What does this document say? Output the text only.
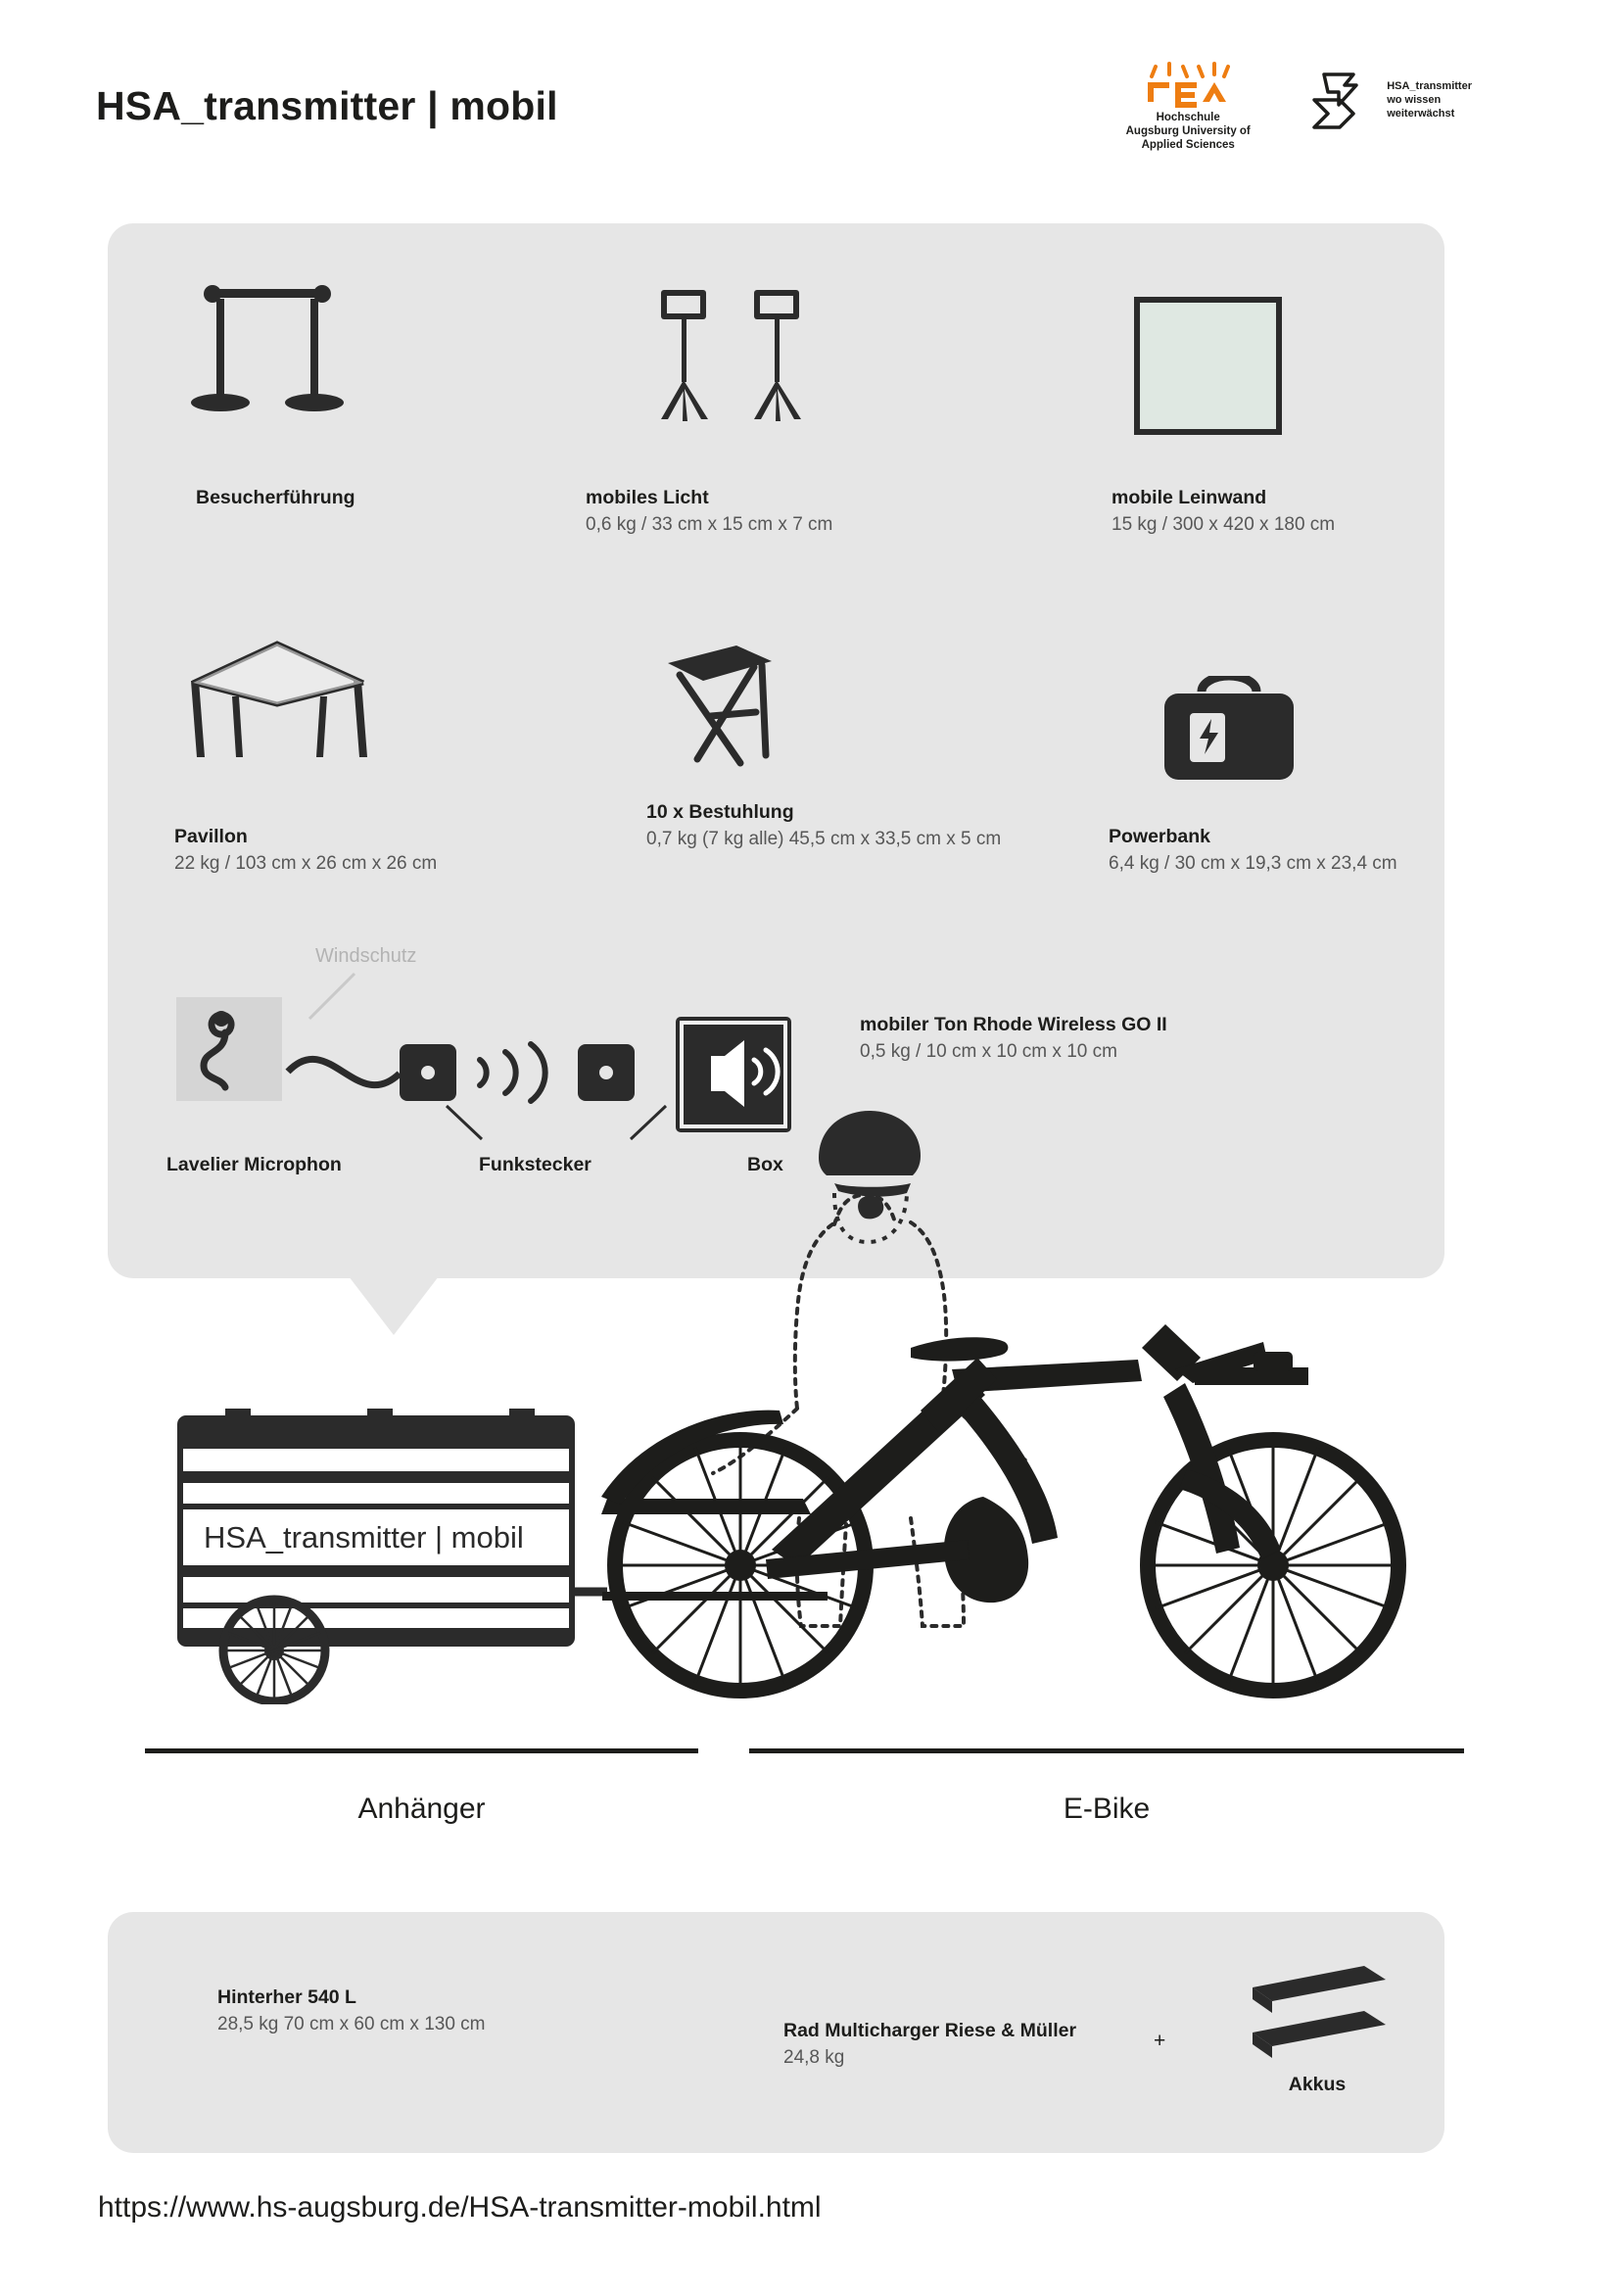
HSA_transmitter | mobil	Hochschule
Augsburg University of
Applied Sciences
HSA_transmitter
wo wissen
weiterwächst
Besucherführung	mobiles Licht
0,6 kg / 33 cm x 15 cm x 7 cm
mobile Leinwand
15 kg / 300 x 420 x 180 cm
Pavillon
22 kg / 103 cm x 26 cm x 26 cm
10 x Bestuhlung
0,7 kg (7 kg alle) 45,5 cm x 33,5 cm x 5 cm	Powerbank
6,4 kg / 30 cm x 19,3 cm x 23,4 cm
Windschutz
Lavelier Microphon	Funkstecker	Box
mobiler Ton Rhode Wireless GO II
0,5 kg / 10 cm x 10 cm x 10 cm
HSA_transmitter | mobil
Anhänger	E-Bike
Hinterher 540 L
28,5 kg 70 cm x 60 cm x 130 cm	Rad Multicharger Riese & Müller
24,8 kg
+
Akkus
https://www.hs-augsburg.de/HSA-transmitter-mobil.html
